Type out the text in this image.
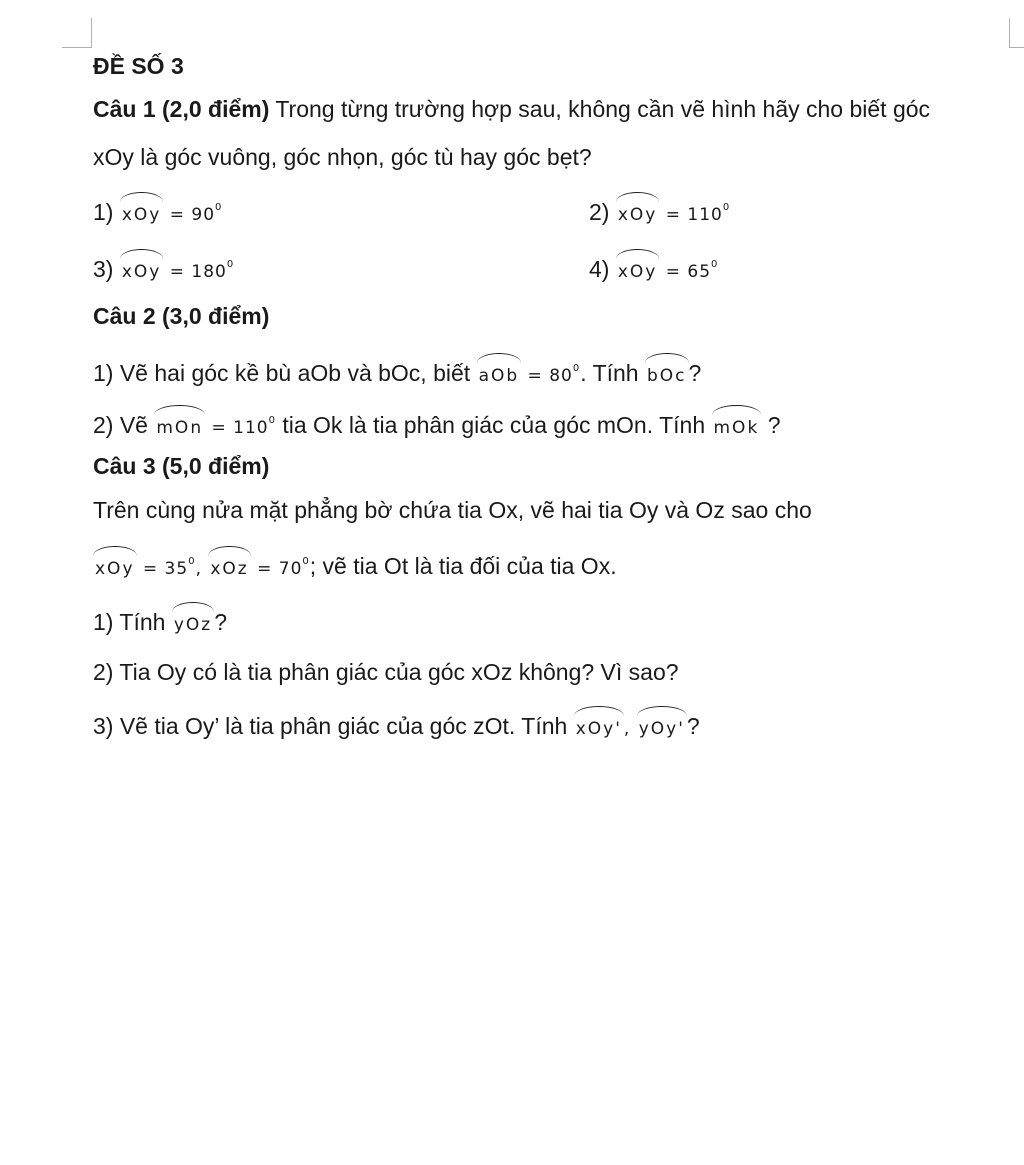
ĐỀ SỐ 3
Câu 1 (2,0 điểm) Trong từng trường hợp sau, không cần vẽ hình hãy cho biết góc
xOy là góc vuông, góc nhọn, góc tù hay góc bẹt?
1) xOy = $90^0$	2) xOy = $110^0$
3) xOy = $180^0$	4) xOy = $65^0$
Câu 2 (3,0 điểm)
1) Vẽ hai góc kề bù aOb và bOc, biết aOb = $80^0$. Tính bOc?
2) Vẽ mOn = $110^0$ tia Ok là tia phân giác của góc mOn. Tính mOk ?
Câu 3 (5,0 điểm)
Trên cùng nửa mặt phẳng bờ chứa tia Ox, vẽ hai tia Oy và Oz sao cho
xOy = $35^0$, xOz = $70^0$; vẽ tia Ot là tia đối của tia Ox.
1) Tính yOz?
2) Tia Oy có là tia phân giác của góc xOz không? Vì sao?
3) Vẽ tia Oy’ là tia phân giác của góc zOt. Tính xOy' , yOy'?
